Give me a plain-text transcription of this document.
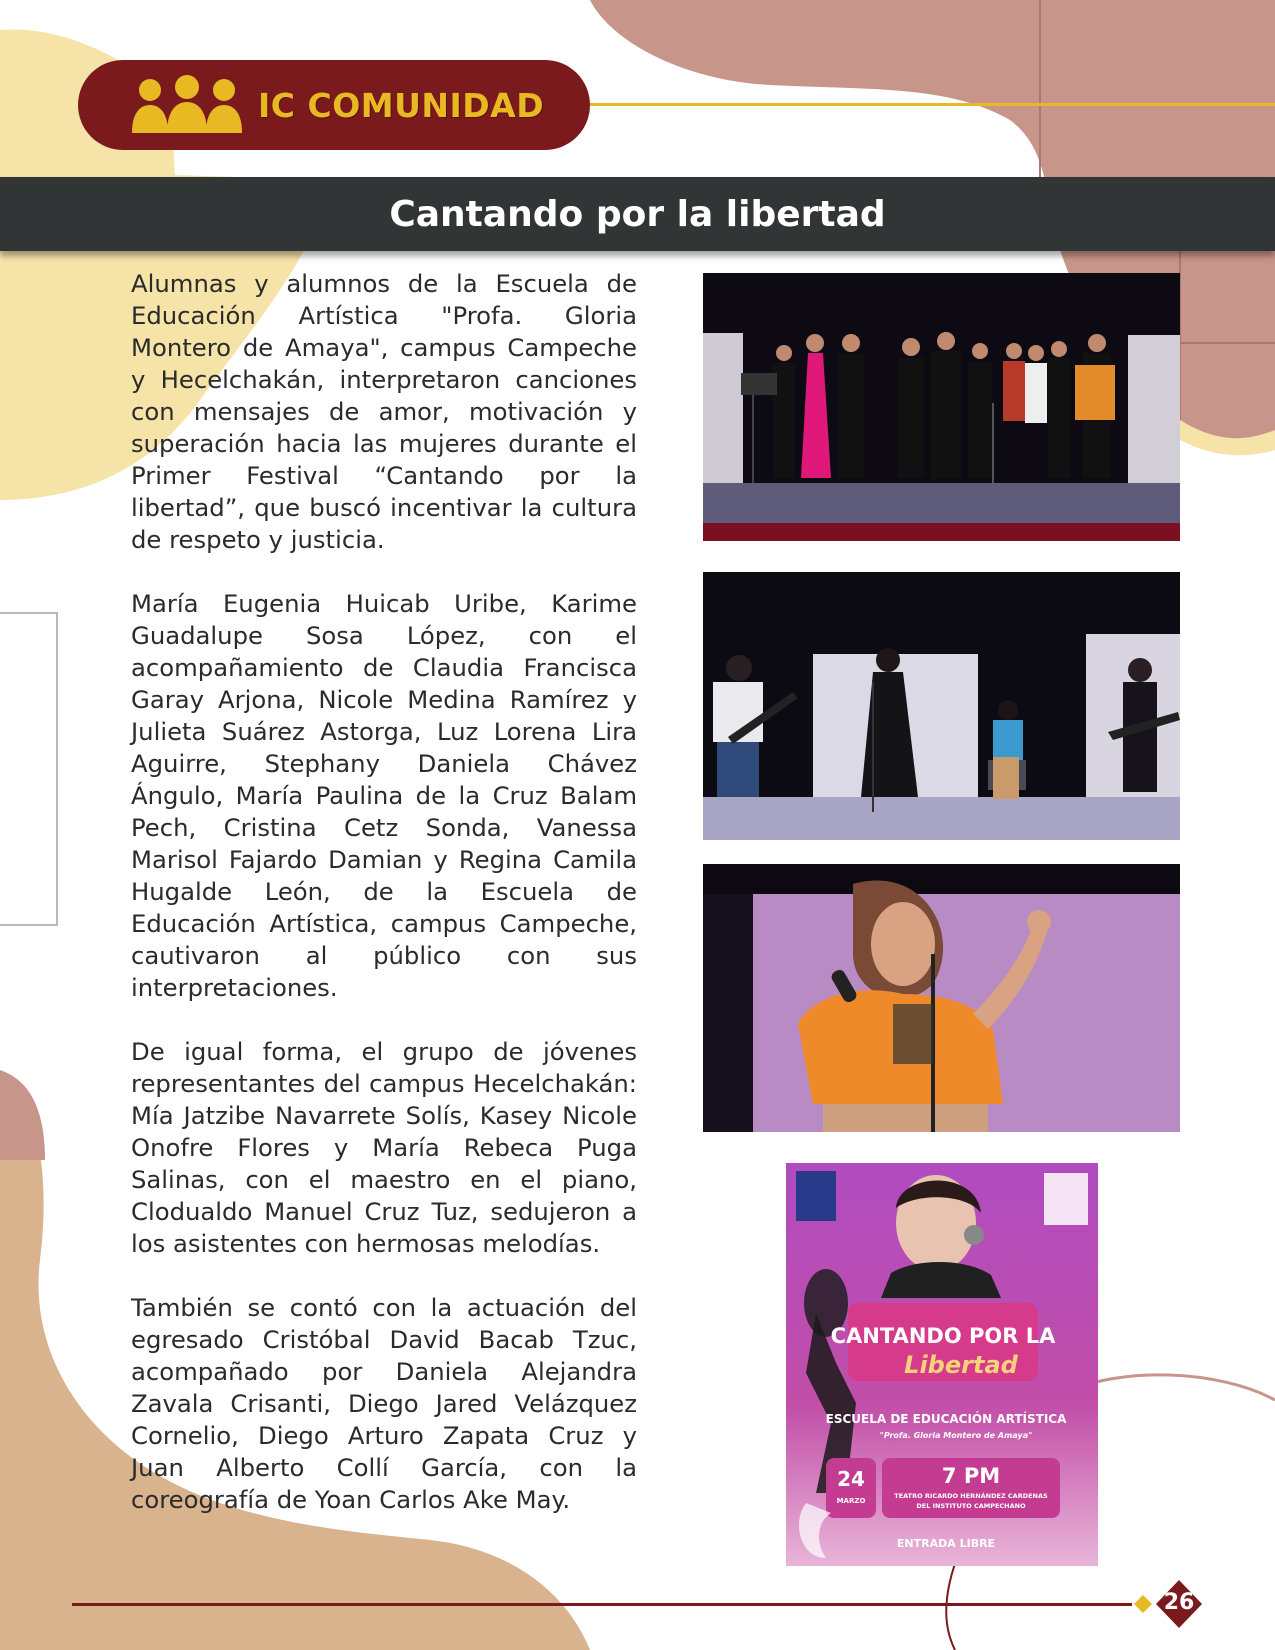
IC COMUNIDAD
Cantando por la libertad

Alumnas y alumnos de la Escuela de Educación Artística "Profa. Gloria Montero de Amaya", campus Campeche y Hecelchakán, interpretaron canciones con mensajes de amor, motivación y superación hacia las mujeres durante el Primer Festival “Cantando por la libertad”, que buscó incentivar la cultura de respeto y justicia.

María Eugenia Huicab Uribe, Karime Guadalupe Sosa López, con el acompañamiento de Claudia Francisca Garay Arjona, Nicole Medina Ramírez y Julieta Suárez Astorga, Luz Lorena Lira Aguirre, Stephany Daniela Chávez Ángulo, María Paulina de la Cruz Balam Pech, Cristina Cetz Sonda, Vanessa Marisol Fajardo Damian y Regina Camila Hugalde León, de la Escuela de Educación Artística, campus Campeche, cautivaron al público con sus interpretaciones.

De igual forma, el grupo de jóvenes representantes del campus Hecelchakán: Mía Jatzibe Navarrete Solís, Kasey Nicole Onofre Flores y María Rebeca Puga Salinas, con el maestro en el piano, Clodualdo Manuel Cruz Tuz, sedujeron a los asistentes con hermosas melodías.

También se contó con la actuación del egresado Cristóbal David Bacab Tzuc, acompañado por Daniela Alejandra Zavala Crisanti, Diego Jared Velázquez Cornelio, Diego Arturo Zapata Cruz y Juan Alberto Collí García, con la coreografía de Yoan Carlos Ake May.

CANTANDO POR LA
Libertad
ESCUELA DE EDUCACIÓN ARTÍSTICA
"Profa. Gloria Montero de Amaya"
24
MARZO
7 PM
TEATRO RICARDO HERNÁNDEZ CARDENAS
DEL INSTITUTO CAMPECHANO
ENTRADA LIBRE
26
